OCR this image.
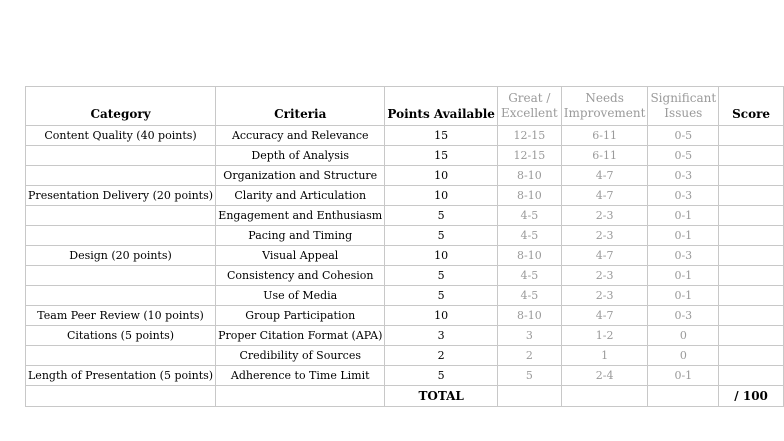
Category	Criteria	Points Available	Great / Excellent	Needs Improvement	Significant Issues	Score
Content Quality (40 points)	Accuracy and Relevance	15	12-15	6-11	0-5	
	Depth of Analysis	15	12-15	6-11	0-5	
	Organization and Structure	10	8-10	4-7	0-3	
Presentation Delivery (20 points)	Clarity and Articulation	10	8-10	4-7	0-3	
	Engagement and Enthusiasm	5	4-5	2-3	0-1	
	Pacing and Timing	5	4-5	2-3	0-1	
Design (20 points)	Visual Appeal	10	8-10	4-7	0-3	
	Consistency and Cohesion	5	4-5	2-3	0-1	
	Use of Media	5	4-5	2-3	0-1	
Team Peer Review (10 points)	Group Participation	10	8-10	4-7	0-3	
Citations (5 points)	Proper Citation Format (APA)	3	3	1-2	0	
	Credibility of Sources	2	2	1	0	
Length of Presentation (5 points)	Adherence to Time Limit	5	5	2-4	0-1	
		TOTAL				/ 100
